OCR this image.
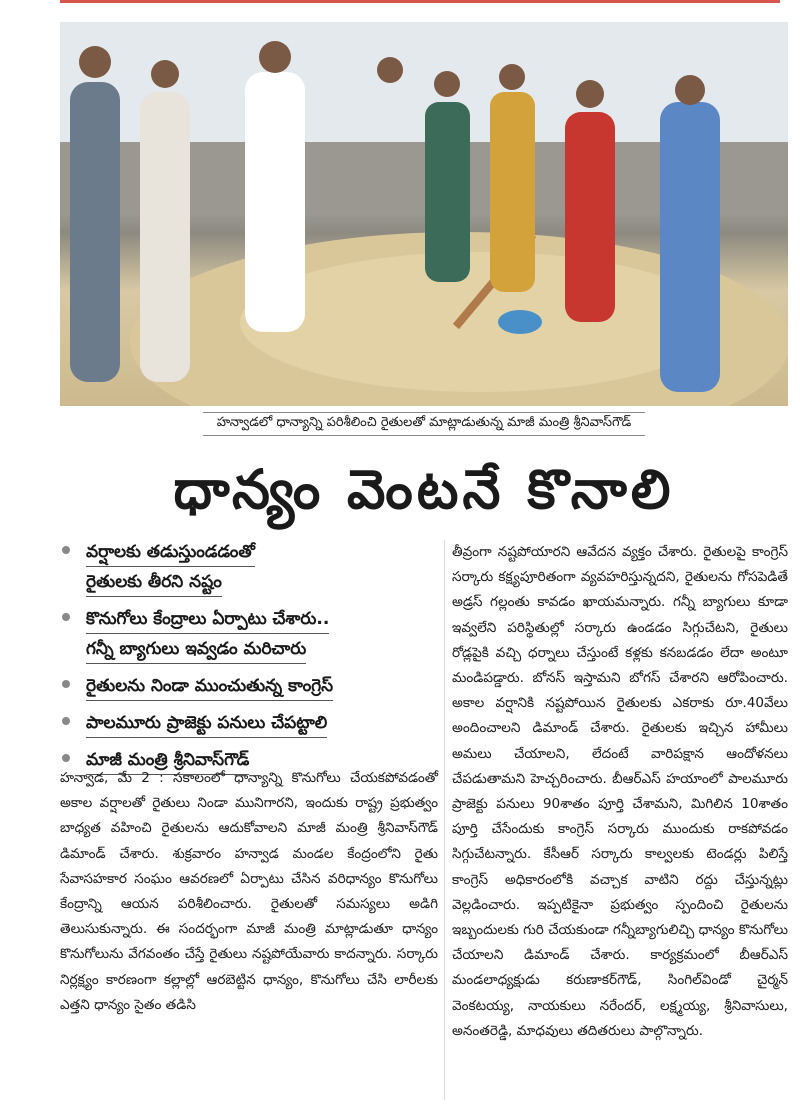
హన్వాడలో ధాన్యాన్ని పరిశీలించి రైతులతో మాట్లాడుతున్న మాజీ మంత్రి శ్రీనివాస్‌గౌడ్
ధాన్యం వెంటనే కొనాలి
వర్షాలకు తడుస్తుండడంతో
రైతులకు తీరని నష్టం
కొనుగోలు కేంద్రాలు ఏర్పాటు చేశారు..
గన్నీ బ్యాగులు ఇవ్వడం మరిచారు
రైతులను నిండా ముంచుతున్న కాంగ్రెస్
పాలమూరు ప్రాజెక్టు పనులు చేపట్టాలి
మాజీ మంత్రి శ్రీనివాస్‌గౌడ్
హన్వాడ, మే 2 : సకాలంలో ధాన్యాన్ని కొనుగోలు చేయకపోవడంతో అకాల వర్షాలతో రైతులు నిండా మునిగారని, ఇందుకు రాష్ట్ర ప్రభుత్వం బాధ్యత వహించి రైతులను ఆదుకోవాలని మాజీ మంత్రి శ్రీనివాస్‌గౌడ్ డిమాండ్ చేశారు. శుక్రవారం హన్వాడ మండల కేంద్రంలోని రైతు సేవాసహకార సంఘం ఆవరణలో ఏర్పాటు చేసిన వరిధాన్యం కొనుగోలు కేంద్రాన్ని ఆయన పరిశీలించారు. రైతులతో సమస్యలు అడిగి తెలుసుకున్నారు. ఈ సందర్భంగా మాజీ మంత్రి మాట్లాడుతూ ధాన్యం కొనుగోలును వేగవంతం చేస్తే రైతులు నష్టపోయేవారు కాదన్నారు. సర్కారు నిర్లక్ష్యం కారణంగా కల్లాల్లో ఆరబెట్టిన ధాన్యం, కొనుగోలు చేసి లారీలకు ఎత్తని ధాన్యం సైతం తడిసి
తీవ్రంగా నష్టపోయారని ఆవేదన వ్యక్తం చేశారు. రైతులపై కాంగ్రెస్ సర్కారు కక్ష్యపూరితంగా వ్యవహరిస్తున్నదని, రైతులను గోసపెడితే అడ్రస్ గల్లంతు కావడం ఖాయమన్నారు. గన్నీ బ్యాగులు కూడా ఇవ్వలేని పరిస్థితుల్లో సర్కారు ఉండడం సిగ్గుచేటని, రైతులు రోడ్లపైకి వచ్చి ధర్నాలు చేస్తుంటే కళ్లకు కనబడడం లేదా అంటూ మండిపడ్డారు. బోనస్ ఇస్తామని బోగస్ చేశారని ఆరోపించారు. అకాల వర్షానికి నష్టపోయిన రైతులకు ఎకరాకు రూ.40వేలు అందించాలని డిమాండ్ చేశారు. రైతులకు ఇచ్చిన హామీలు అమలు చేయాలని, లేదంటే వారిపక్షాన ఆందోళనలు చేపడుతామని హెచ్చరించారు. బీఆర్‌ఎస్ హయాంలో పాలమూరు ప్రాజెక్టు పనులు 90శాతం పూర్తి చేశామని, మిగిలిన 10శాతం పూర్తి చేసేందుకు కాంగ్రెస్ సర్కారు ముందుకు రాకపోవడం సిగ్గుచేటన్నారు. కేసీఆర్ సర్కారు కాల్వలకు టెండర్లు పిలిస్తే కాంగ్రెస్ అధికారంలోకి వచ్చాక వాటిని రద్దు చేస్తున్నట్లు వెల్లడించారు. ఇప్పటికైనా ప్రభుత్వం స్పందించి రైతులను ఇబ్బందులకు గురి చేయకుండా గన్నీబ్యాగులిచ్చి ధాన్యం కొనుగోలు చేయాలని డిమాండ్ చేశారు. కార్యక్రమంలో బీఆర్‌ఎస్ మండలాధ్యక్షుడు కరుణాకర్‌గౌడ్, సింగిల్‌విండో చైర్మన్ వెంకటయ్య, నాయకులు నరేందర్, లక్ష్మయ్య, శ్రీనివాసులు, అనంతరెడ్డి, మాధవులు తదితరులు పాల్గొన్నారు.
